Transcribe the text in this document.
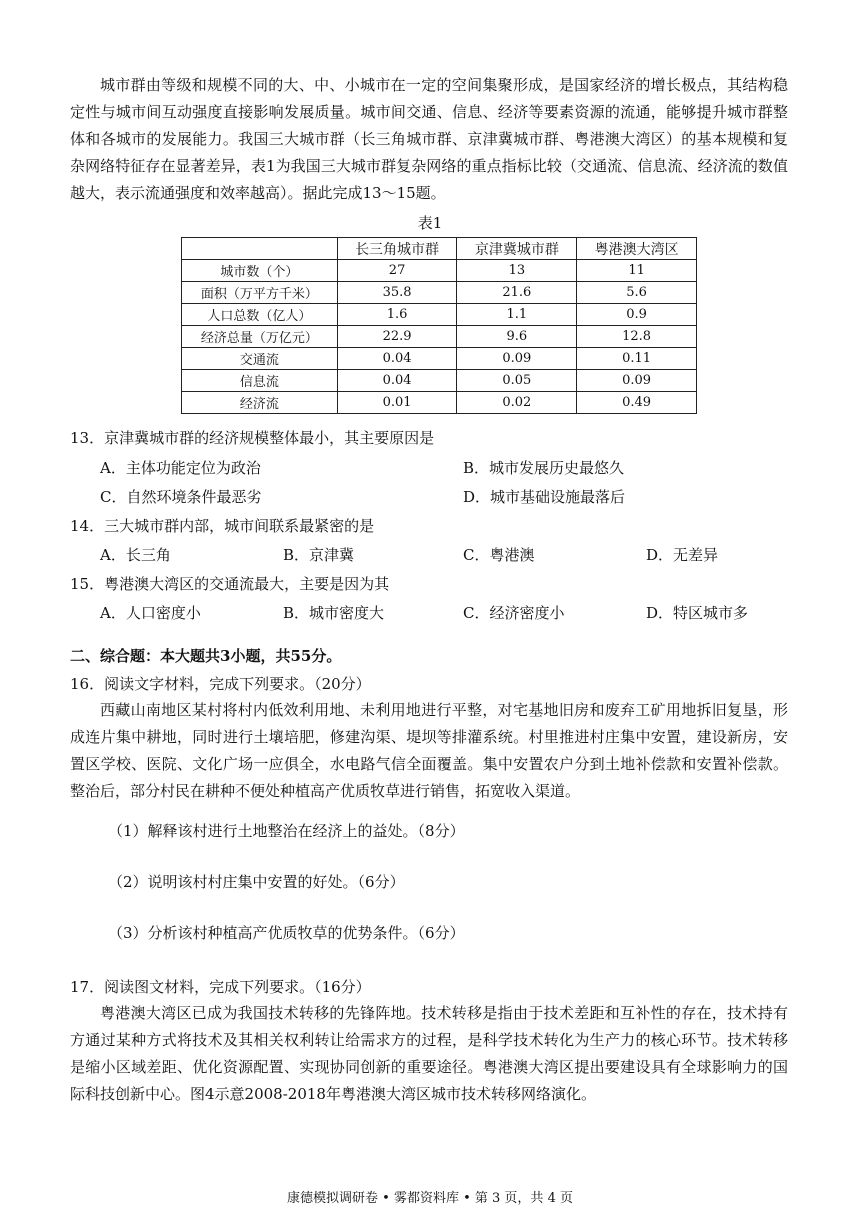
城市群由等级和规模不同的大、中、小城市在一定的空间集聚形成，是国家经济的增长极点，其结构稳定性与城市间互动强度直接影响发展质量。城市间交通、信息、经济等要素资源的流通，能够提升城市群整体和各城市的发展能力。我国三大城市群（长三角城市群、京津冀城市群、粤港澳大湾区）的基本规模和复杂网络特征存在显著差异，表1为我国三大城市群复杂网络的重点指标比较（交通流、信息流、经济流的数值越大，表示流通强度和效率越高）。据此完成13～15题。
表1
	长三角城市群	京津冀城市群	粤港澳大湾区
城市数（个）	27	13	11
面积（万平方千米）	35.8	21.6	5.6
人口总数（亿人）	1.6	1.1	0.9
经济总量（万亿元）	22.9	9.6	12.8
交通流	0.04	0.09	0.11
信息流	0.04	0.05	0.09
经济流	0.01	0.02	0.49
13．京津冀城市群的经济规模整体最小，其主要原因是
A．主体功能定位为政治	B．城市发展历史最悠久
C．自然环境条件最恶劣	D．城市基础设施最落后
14．三大城市群内部，城市间联系最紧密的是
A．长三角	B．京津冀	C．粤港澳	D．无差异
15．粤港澳大湾区的交通流最大，主要是因为其
A．人口密度小	B．城市密度大	C．经济密度小	D．特区城市多
二、综合题：本大题共3小题，共55分。
16．阅读文字材料，完成下列要求。（20分）
西藏山南地区某村将村内低效利用地、未利用地进行平整，对宅基地旧房和废弃工矿用地拆旧复垦，形成连片集中耕地，同时进行土壤培肥，修建沟渠、堤坝等排灌系统。村里推进村庄集中安置，建设新房，安置区学校、医院、文化广场一应俱全，水电路气信全面覆盖。集中安置农户分到土地补偿款和安置补偿款。整治后，部分村民在耕种不便处种植高产优质牧草进行销售，拓宽收入渠道。
（1）解释该村进行土地整治在经济上的益处。（8分）
（2）说明该村村庄集中安置的好处。（6分）
（3）分析该村种植高产优质牧草的优势条件。（6分）
17．阅读图文材料，完成下列要求。（16分）
粤港澳大湾区已成为我国技术转移的先锋阵地。技术转移是指由于技术差距和互补性的存在，技术持有方通过某种方式将技术及其相关权利转让给需求方的过程，是科学技术转化为生产力的核心环节。技术转移是缩小区域差距、优化资源配置、实现协同创新的重要途径。粤港澳大湾区提出要建设具有全球影响力的国际科技创新中心。图4示意2008-2018年粤港澳大湾区城市技术转移网络演化。
康德模拟调研卷 • 雾都资料库 • 第 3 页，共 4 页
